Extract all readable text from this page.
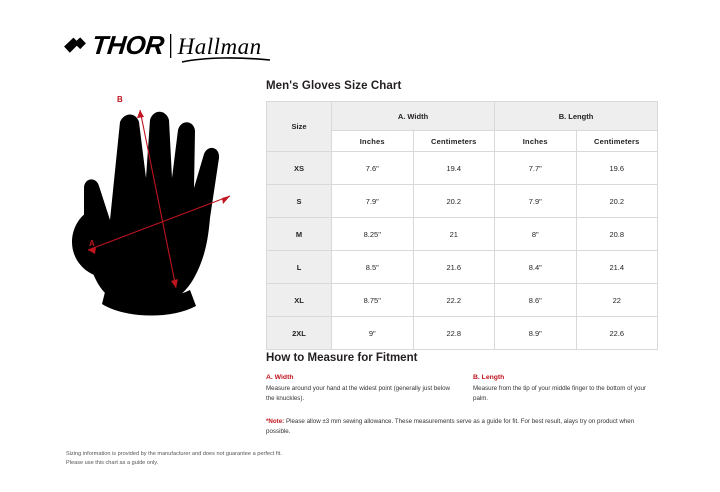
THOR Hallman
B
A
Men's Gloves Size Chart
Size	A. Width		B. Length	
	Inches	Centimeters	Inches	Centimeters
XS	7.6"	19.4	7.7"	19.6
S	7.9"	20.2	7.9"	20.2
M	8.25"	21	8"	20.8
L	8.5"	21.6	8.4"	21.4
XL	8.75"	22.2	8.6"	22
2XL	9"	22.8	8.9"	22.6
How to Measure for Fitment
A. Width
Measure around your hand at the widest point (generally just below the knuckles).
B. Length
Measure from the tip of your middle finger to the bottom of your palm.
*Note: Please allow ±3 mm sewing allowance. These measurements serve as a guide for fit. For best result, alays try on product when possible.
Sizing information is provided by the manufacturer and does not guarantee a perfect fit.
Please use this chart as a guide only.
